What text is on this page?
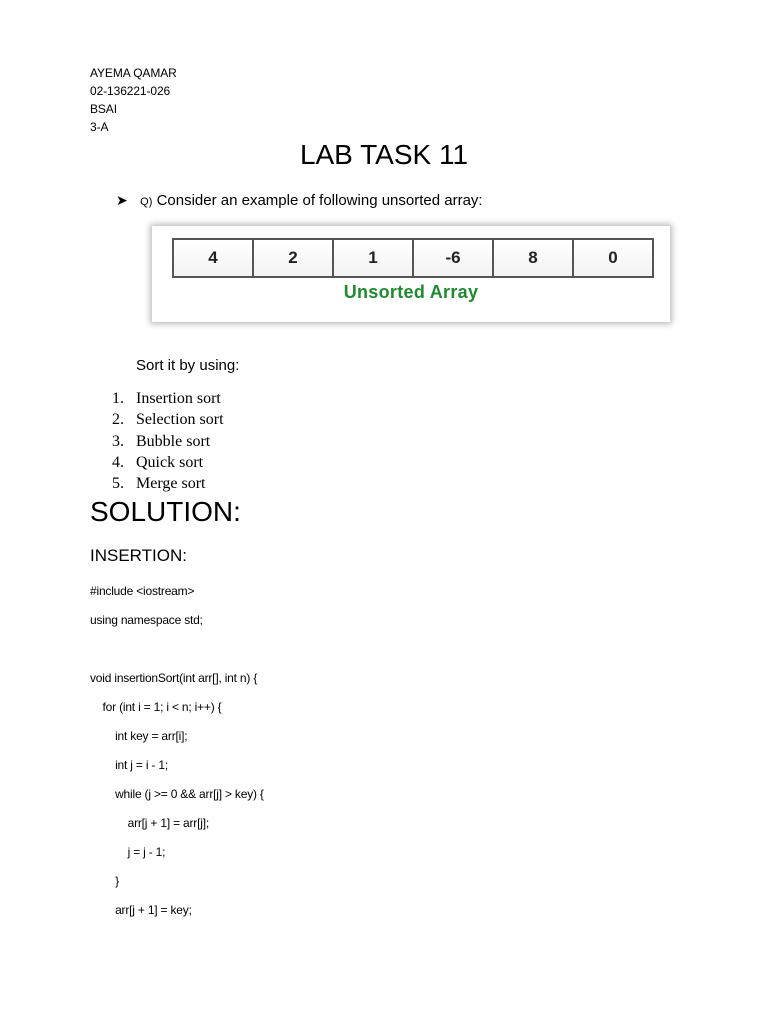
AYEMA QAMAR
02-136221-026
BSAI
3-A
LAB TASK 11
➤ Q) Consider an example of following unsorted array:
4	2	1	-6	8	0
Unsorted Array
Sort it by using:
1. Insertion sort
2. Selection sort
3. Bubble sort
4. Quick sort
5. Merge sort
SOLUTION:
INSERTION:
#include <iostream>
using namespace std;
void insertionSort(int arr[], int n) {
for (int i = 1; i < n; i++) {
int key = arr[i];
int j = i - 1;
while (j >= 0 && arr[j] > key) {
arr[j + 1] = arr[j];
j = j - 1;
}
arr[j + 1] = key;
